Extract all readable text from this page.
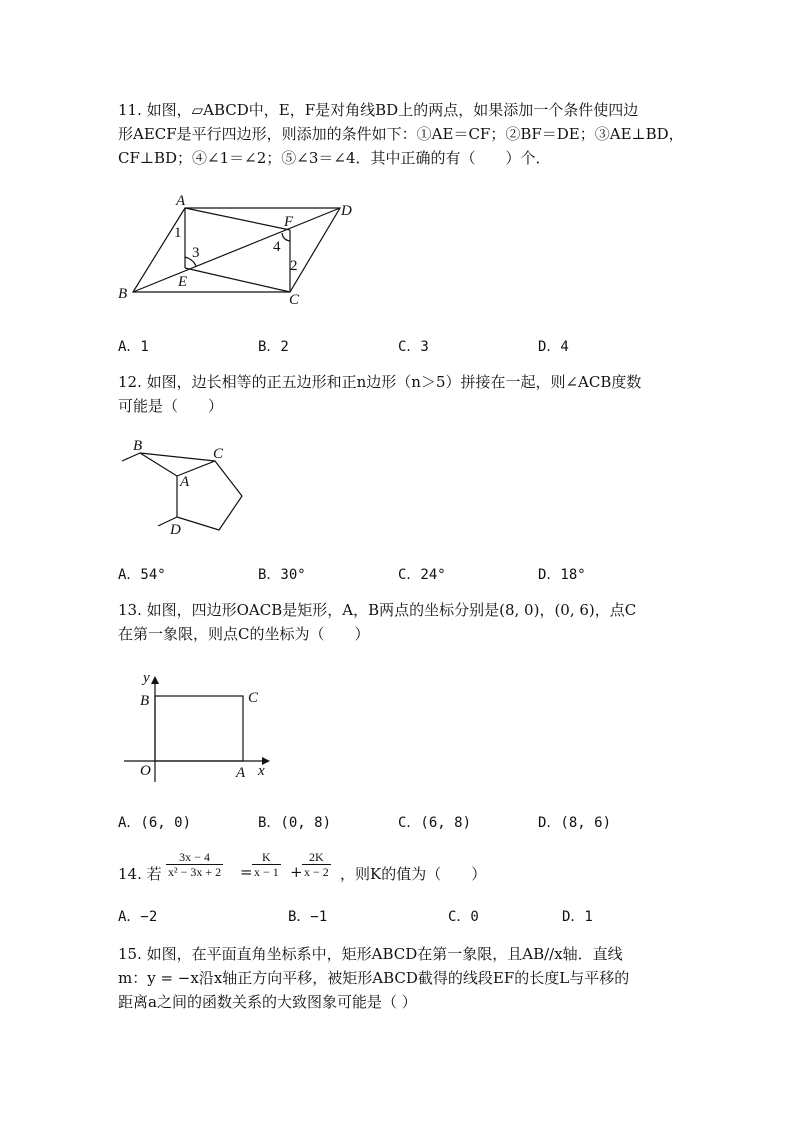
11. 如图，▱ABCD中，E，F是对角线BD上的两点，如果添加一个条件使四边
形AECF是平行四边形，则添加的条件如下：①AE＝CF；②BF＝DE；③AE⊥BD，
CF⊥BD；④∠1＝∠2；⑤∠3＝∠4．其中正确的有（　　）个．
A
B	C
D
E
F
1
2
3	4
A．1	B．2	C．3	D．4
12. 如图，边长相等的正五边形和正n边形（n＞5）拼接在一起，则∠ACB度数
可能是（　　）
B	C
A
D
A．54°	B．30°	C．24°	D．18°
13. 如图，四边形OACB是矩形，A，B两点的坐标分别是(8, 0)，(0, 6)，点C
在第一象限，则点C的坐标为（　　）
y
x
O	A
B	C
A．(6, 0)	B．(0, 8)	C．(6, 8)	D．(8, 6)
14. 若 $\frac{3x - 4}{\text{x² − 3x + 2}} = \frac{K}{x - 1} + \frac{2K}{x - 2}$ ，则K的值为（　　）
A．−2	B．−1	C．0	D．1
15. 如图，在平面直角坐标系中，矩形ABCD在第一象限，且AB//x轴．直线
m：y = −x沿x轴正方向平移，被矩形ABCD截得的线段EF的长度L与平移的
距离a之间的函数关系的大致图象可能是（ ）
